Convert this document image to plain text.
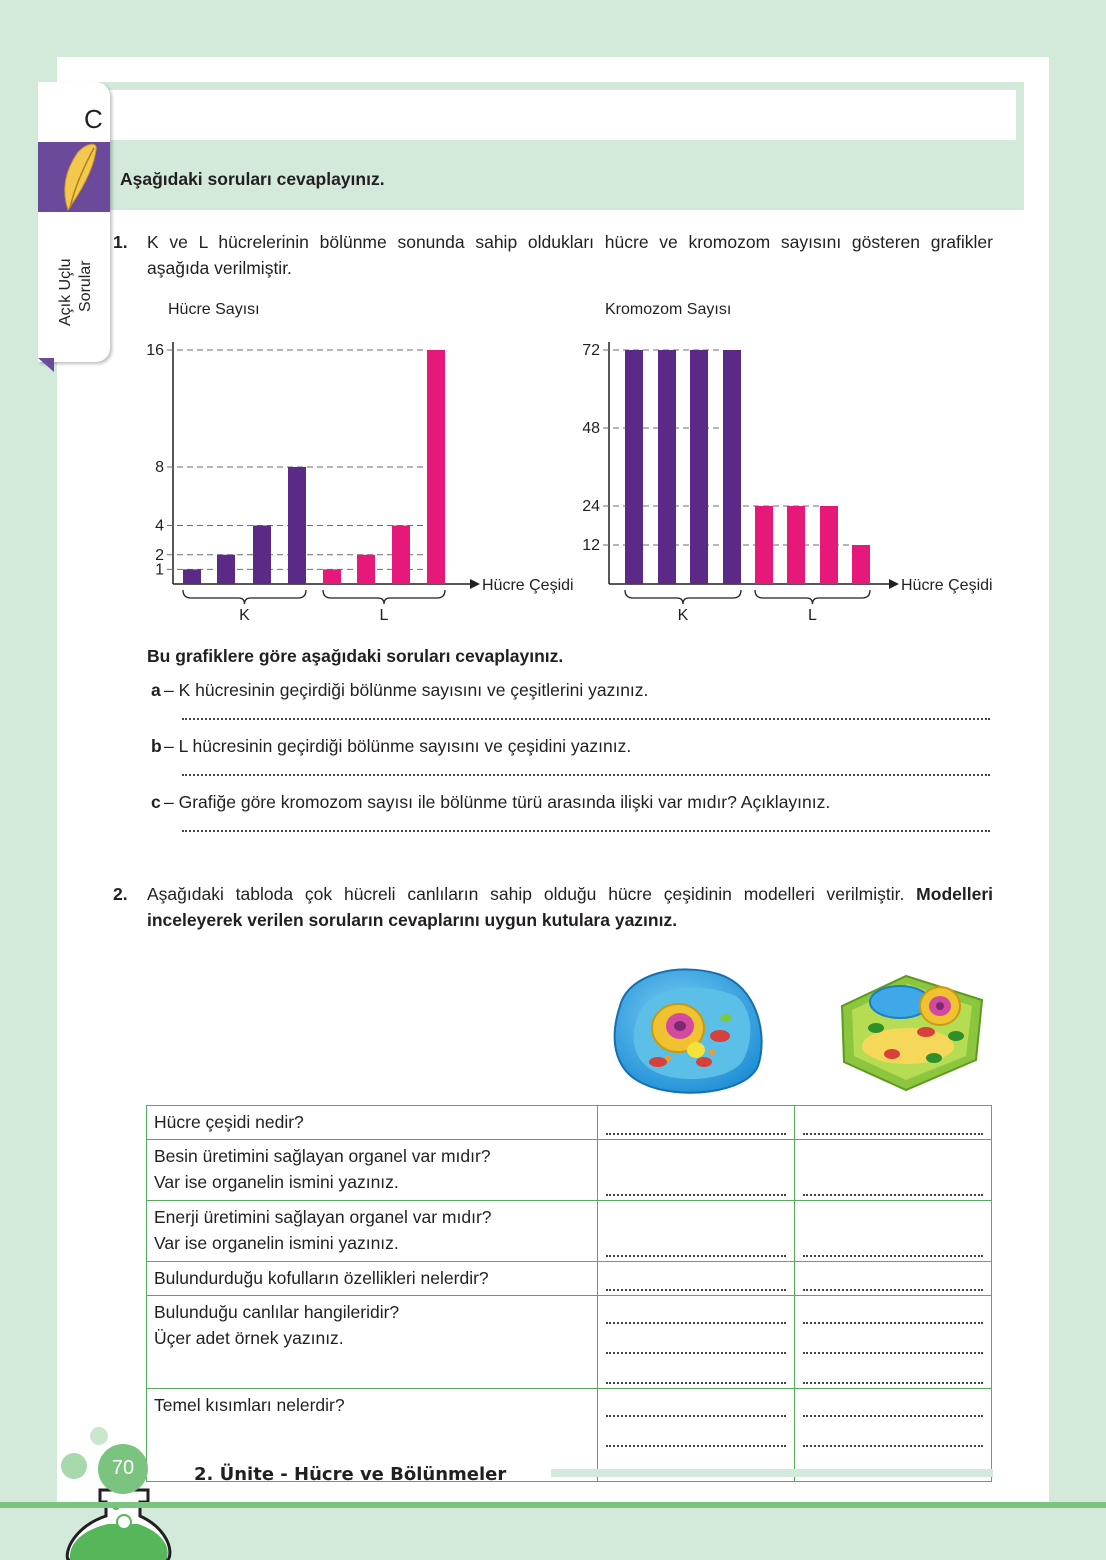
C
Açık Uçlu Sorular
Aşağıdaki soruları cevaplayınız.
1. K ve L hücrelerinin bölünme sonunda sahip oldukları hücre ve kromozom sayısını gösteren grafikler
aşağıda verilmiştir.
Hücre Sayısı
Hücre Çeşidi
1
2
4
8
16
K	L
Kromozom Sayısı
Hücre Çeşidi
12
24
48
72
K	L
Bu grafiklere göre aşağıdaki soruları cevaplayınız.
a – K hücresinin geçirdiği bölünme sayısını ve çeşitlerini yazınız.
b – L hücresinin geçirdiği bölünme sayısını ve çeşidini yazınız.
c – Grafiğe göre kromozom sayısı ile bölünme türü arasında ilişki var mıdır? Açıklayınız.
2. Aşağıdaki tabloda çok hücreli canlıların sahip olduğu hücre çeşidinin modelleri verilmiştir. Modelleri
inceleyerek verilen soruların cevaplarını uygun kutulara yazınız.
Hücre çeşidi nedir?		

Besin üretimini sağlayan organel var mıdır?
Var ise organelin ismini yazınız.		

Enerji üretimini sağlayan organel var mıdır?
Var ise organelin ismini yazınız.		

Bulundurduğu kofulların özellikleri nelerdir?		

Bulunduğu canlılar hangileridir?
Üçer adet örnek yazınız.		

Temel kısımları nelerdir?		

70	2. Ünite - Hücre ve Bölünmeler
